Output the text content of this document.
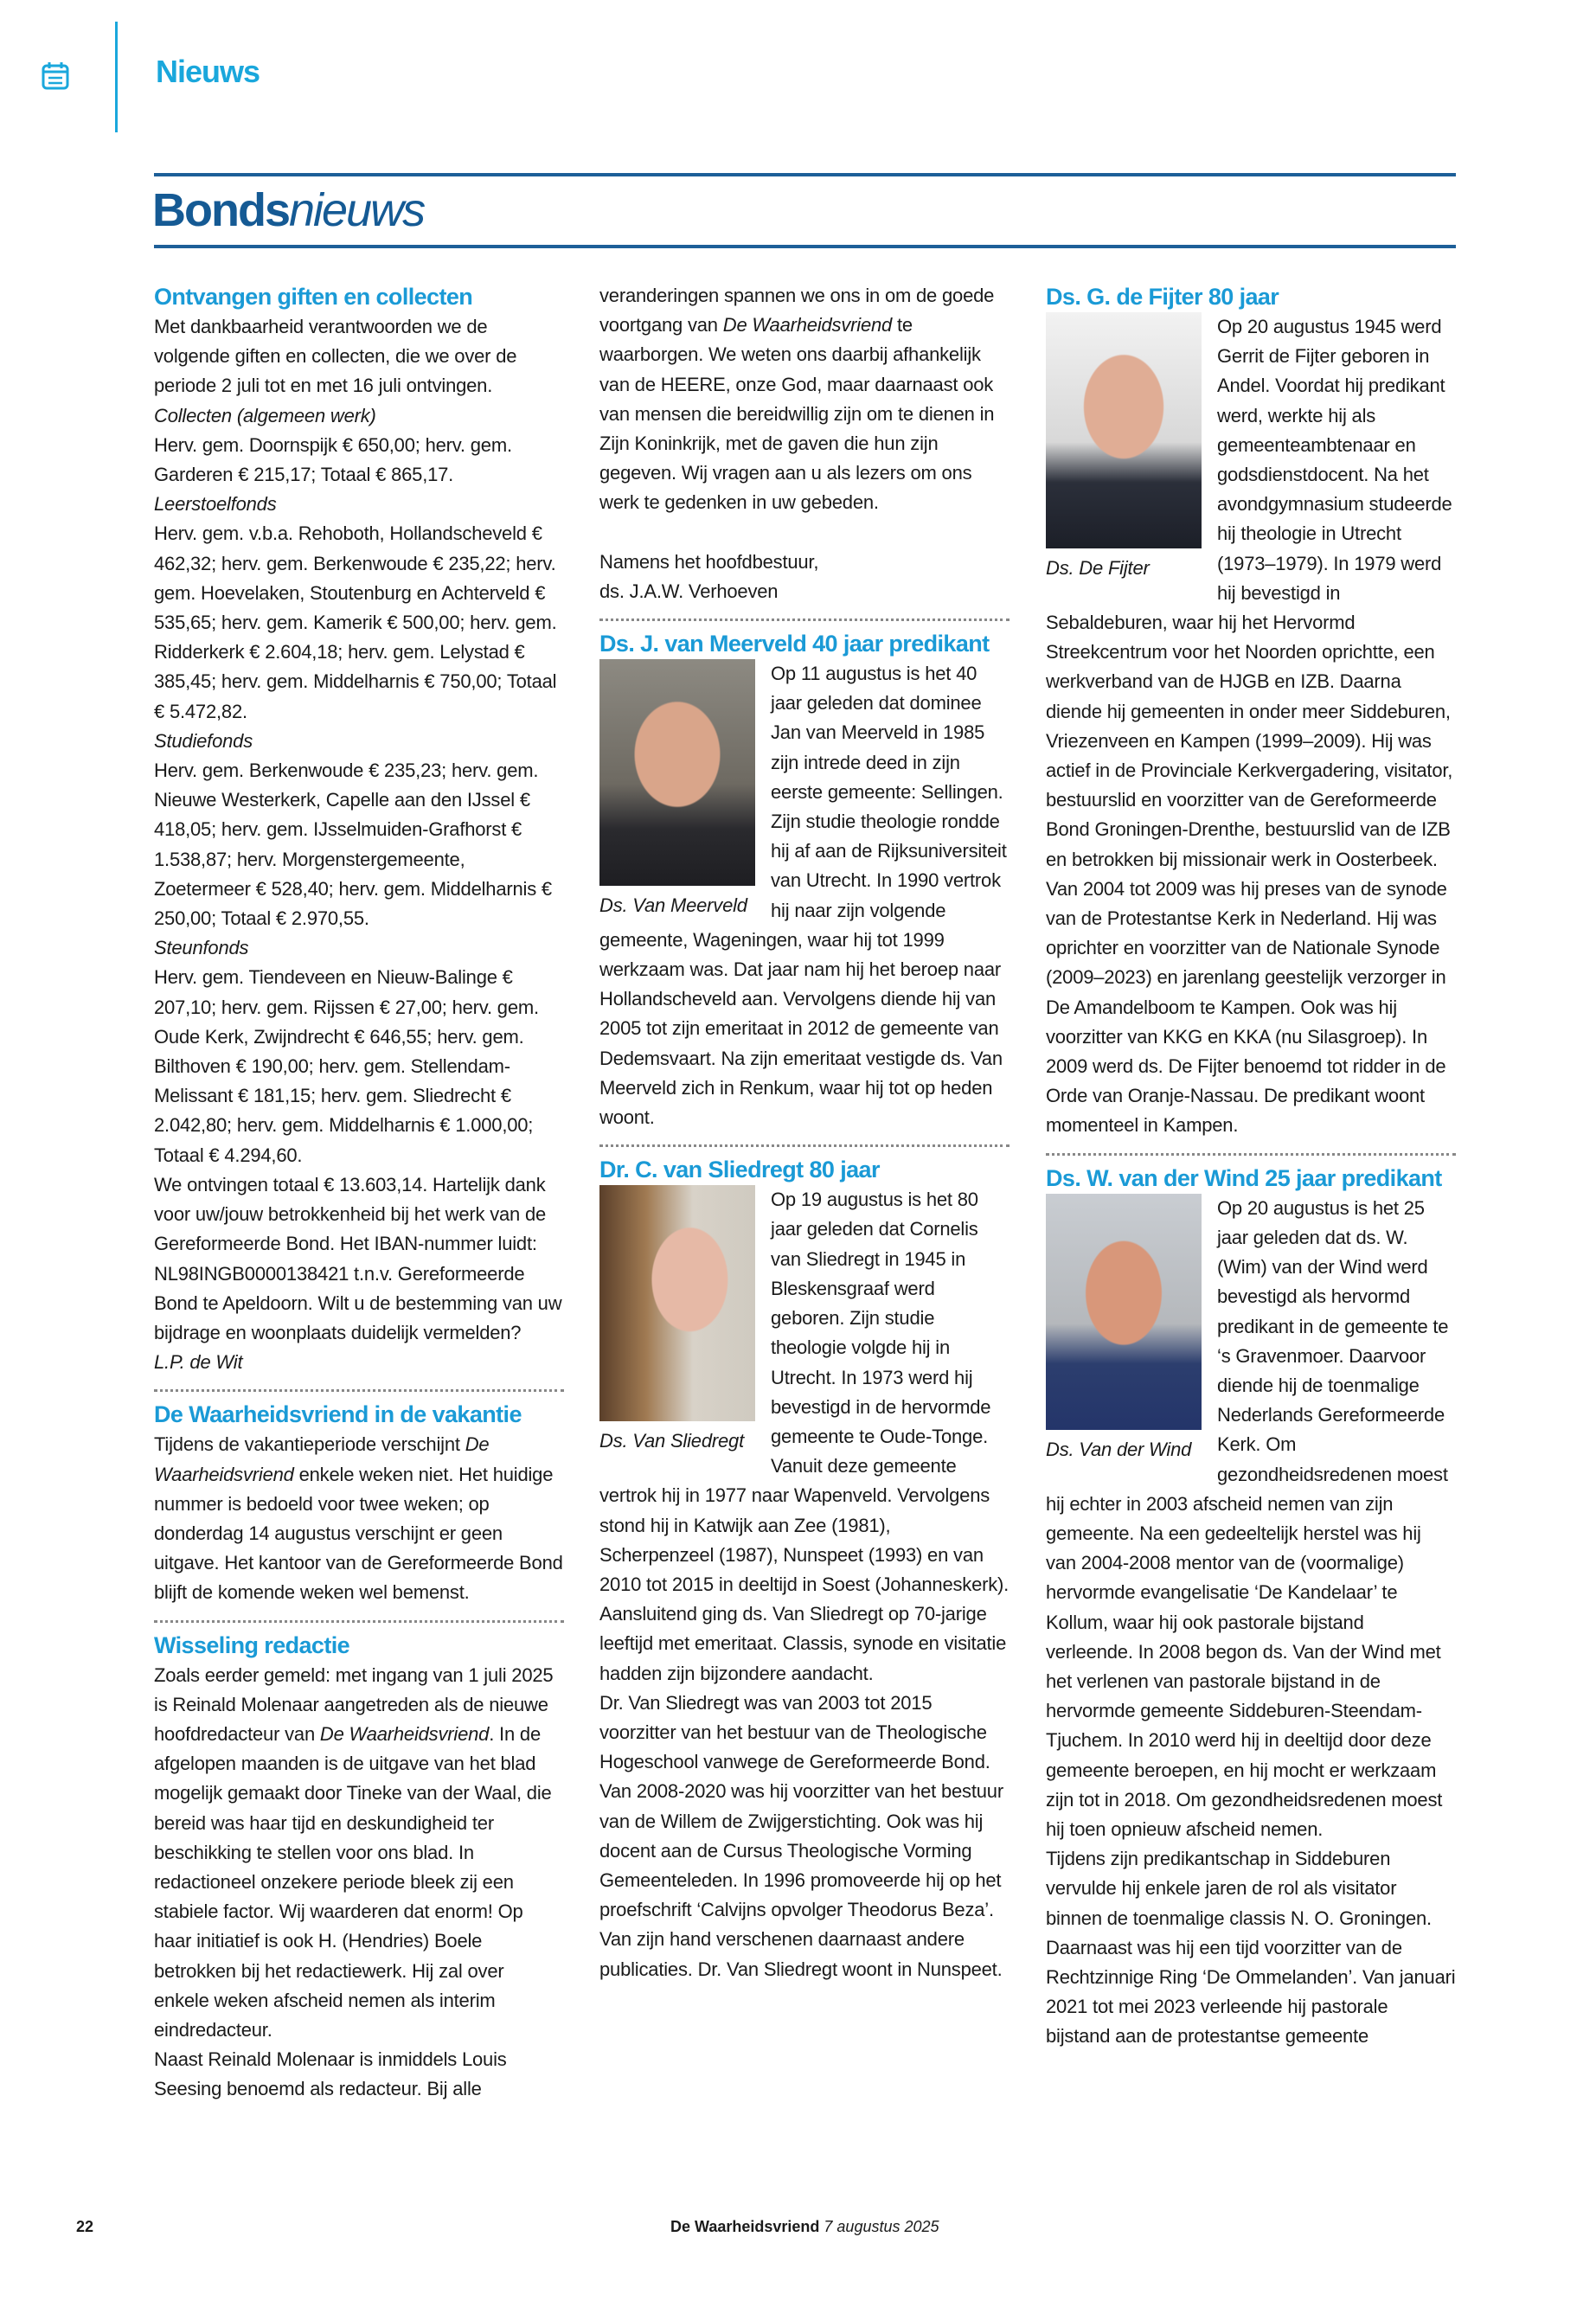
Nieuws
Bondsnieuws
Ontvangen giften en collecten

Met dankbaarheid verantwoorden we de volgende giften en collecten, die we over de periode 2 juli tot en met 16 juli ontvingen.

Collecten (algemeen werk)

Herv. gem. Doornspijk € 650,00; herv. gem. Garderen € 215,17; Totaal € 865,17.

Leerstoelfonds

Herv. gem. v.b.a. Rehoboth, Hollandscheveld € 462,32; herv. gem. Berkenwoude € 235,22; herv. gem. Hoevelaken, Stoutenburg en Achterveld € 535,65; herv. gem. Kamerik € 500,00; herv. gem. Ridderkerk € 2.604,18; herv. gem. Lelystad € 385,45; herv. gem. Middelharnis € 750,00; Totaal € 5.472,82.

Studiefonds

Herv. gem. Berkenwoude € 235,23; herv. gem. Nieuwe Westerkerk, Capelle aan den IJssel € 418,05; herv. gem. IJsselmuiden-Grafhorst € 1.538,87; herv. Morgenstergemeente, Zoetermeer € 528,40; herv. gem. Middelharnis € 250,00; Totaal € 2.970,55.

Steunfonds

Herv. gem. Tiendeveen en Nieuw-Balinge € 207,10; herv. gem. Rijssen € 27,00; herv. gem. Oude Kerk, Zwijndrecht € 646,55; herv. gem. Bilthoven € 190,00; herv. gem. Stellendam-Melissant € 181,15; herv. gem. Sliedrecht € 2.042,80; herv. gem. Middelharnis € 1.000,00; Totaal € 4.294,60.

We ontvingen totaal € 13.603,14. Hartelijk dank voor uw/jouw betrokkenheid bij het werk van de Gereformeerde Bond. Het IBAN-nummer luidt: NL98INGB0000138421 t.n.v. Gereformeerde Bond te Apeldoorn. Wilt u de bestemming van uw bijdrage en woonplaats duidelijk vermelden?

L.P. de Wit

De Waarheidsvriend in de vakantie

Tijdens de vakantieperiode verschijnt De Waarheidsvriend enkele weken niet. Het huidige nummer is bedoeld voor twee weken; op donderdag 14 augustus verschijnt er geen uitgave. Het kantoor van de Gereformeerde Bond blijft de komende weken wel bemenst.

Wisseling redactie

Zoals eerder gemeld: met ingang van 1 juli 2025 is Reinald Molenaar aangetreden als de nieuwe hoofdredacteur van De Waarheidsvriend. In de afgelopen maanden is de uitgave van het blad mogelijk gemaakt door Tineke van der Waal, die bereid was haar tijd en deskundigheid ter beschikking te stellen voor ons blad. In redactioneel onzekere periode bleek zij een stabiele factor. Wij waarderen dat enorm! Op haar initiatief is ook H. (Hendries) Boele betrokken bij het redactiewerk. Hij zal over enkele weken afscheid nemen als interim eindredacteur.

Naast Reinald Molenaar is inmiddels Louis Seesing benoemd als redacteur. Bij alle

veranderingen spannen we ons in om de goede voortgang van De Waarheidsvriend te waarborgen. We weten ons daarbij afhankelijk van de HEERE, onze God, maar daarnaast ook van mensen die bereidwillig zijn om te dienen in Zijn Koninkrijk, met de gaven die hun zijn gegeven. Wij vragen aan u als lezers om ons werk te gedenken in uw gebeden.

Namens het hoofdbestuur,

ds. J.A.W. Verhoeven

Ds. J. van Meerveld 40 jaar predikant
Ds. Van Meerveld

Op 11 augustus is het 40 jaar geleden dat dominee Jan van Meerveld in 1985 zijn intrede deed in zijn eerste gemeente: Sellingen. Zijn studie theologie rondde hij af aan de Rijksuniversiteit van Utrecht. In 1990 vertrok hij naar zijn volgende gemeente, Wageningen, waar hij tot 1999 werkzaam was. Dat jaar nam hij het beroep naar Hollandscheveld aan. Vervolgens diende hij van 2005 tot zijn emeritaat in 2012 de gemeente van Dedemsvaart. Na zijn emeritaat vestigde ds. Van Meerveld zich in Renkum, waar hij tot op heden woont.

Dr. C. van Sliedregt 80 jaar
Ds. Van Sliedregt

Op 19 augustus is het 80 jaar geleden dat Cornelis van Sliedregt in 1945 in Bleskensgraaf werd geboren. Zijn studie theologie volgde hij in Utrecht. In 1973 werd hij bevestigd in de hervormde gemeente te Oude-Tonge. Vanuit deze gemeente vertrok hij in 1977 naar Wapenveld. Vervolgens stond hij in Katwijk aan Zee (1981), Scherpenzeel (1987), Nunspeet (1993) en van 2010 tot 2015 in deeltijd in Soest (Johanneskerk). Aansluitend ging ds. Van Sliedregt op 70-jarige leeftijd met emeritaat. Classis, synode en visitatie hadden zijn bijzondere aandacht.

Dr. Van Sliedregt was van 2003 tot 2015 voorzitter van het bestuur van de Theologische Hogeschool vanwege de Gereformeerde Bond. Van 2008-2020 was hij voorzitter van het bestuur van de Willem de Zwijgerstichting. Ook was hij docent aan de Cursus Theologische Vorming Gemeenteleden. In 1996 promoveerde hij op het proefschrift ‘Calvijns opvolger Theodorus Beza’. Van zijn hand verschenen daarnaast andere publicaties. Dr. Van Sliedregt woont in Nunspeet.

Ds. G. de Fijter 80 jaar
Ds. De Fijter

Op 20 augustus 1945 werd Gerrit de Fijter geboren in Andel. Voordat hij predikant werd, werkte hij als gemeenteambtenaar en godsdienstdocent. Na het avondgymnasium studeerde hij theologie in Utrecht (1973–1979). In 1979 werd hij bevestigd in Sebaldeburen, waar hij het Hervormd Streekcentrum voor het Noorden oprichtte, een werkverband van de HJGB en IZB. Daarna diende hij gemeenten in onder meer Siddeburen, Vriezenveen en Kampen (1999–2009). Hij was actief in de Provinciale Kerkvergadering, visitator, bestuurslid en voorzitter van de Gereformeerde Bond Groningen-Drenthe, bestuurslid van de IZB en betrokken bij missionair werk in Oosterbeek. Van 2004 tot 2009 was hij preses van de synode van de Protestantse Kerk in Nederland. Hij was oprichter en voorzitter van de Nationale Synode (2009–2023) en jarenlang geestelijk verzorger in De Amandelboom te Kampen. Ook was hij voorzitter van KKG en KKA (nu Silasgroep). In 2009 werd ds. De Fijter benoemd tot ridder in de Orde van Oranje-Nassau. De predikant woont momenteel in Kampen.

Ds. W. van der Wind 25 jaar predikant
Ds. Van der Wind

Op 20 augustus is het 25 jaar geleden dat ds. W. (Wim) van der Wind werd bevestigd als hervormd predikant in de gemeente te ‘s Gravenmoer. Daarvoor diende hij de toenmalige Nederlands Gereformeerde Kerk. Om gezondheidsredenen moest hij echter in 2003 afscheid nemen van zijn gemeente. Na een gedeeltelijk herstel was hij van 2004-2008 mentor van de (voormalige) hervormde evangelisatie ‘De Kandelaar’ te Kollum, waar hij ook pastorale bijstand verleende. In 2008 begon ds. Van der Wind met het verlenen van pastorale bijstand in de hervormde gemeente Siddeburen-Steendam-Tjuchem. In 2010 werd hij in deeltijd door deze gemeente beroepen, en hij mocht er werkzaam zijn tot in 2018. Om gezondheidsredenen moest hij toen opnieuw afscheid nemen.

Tijdens zijn predikantschap in Siddeburen vervulde hij enkele jaren de rol als visitator binnen de toenmalige classis N. O. Groningen. Daarnaast was hij een tijd voorzitter van de Rechtzinnige Ring ‘De Ommelanden’. Van januari 2021 tot mei 2023 verleende hij pastorale bijstand aan de protestantse gemeente

22	De Waarheidsvriend 7 augustus 2025
